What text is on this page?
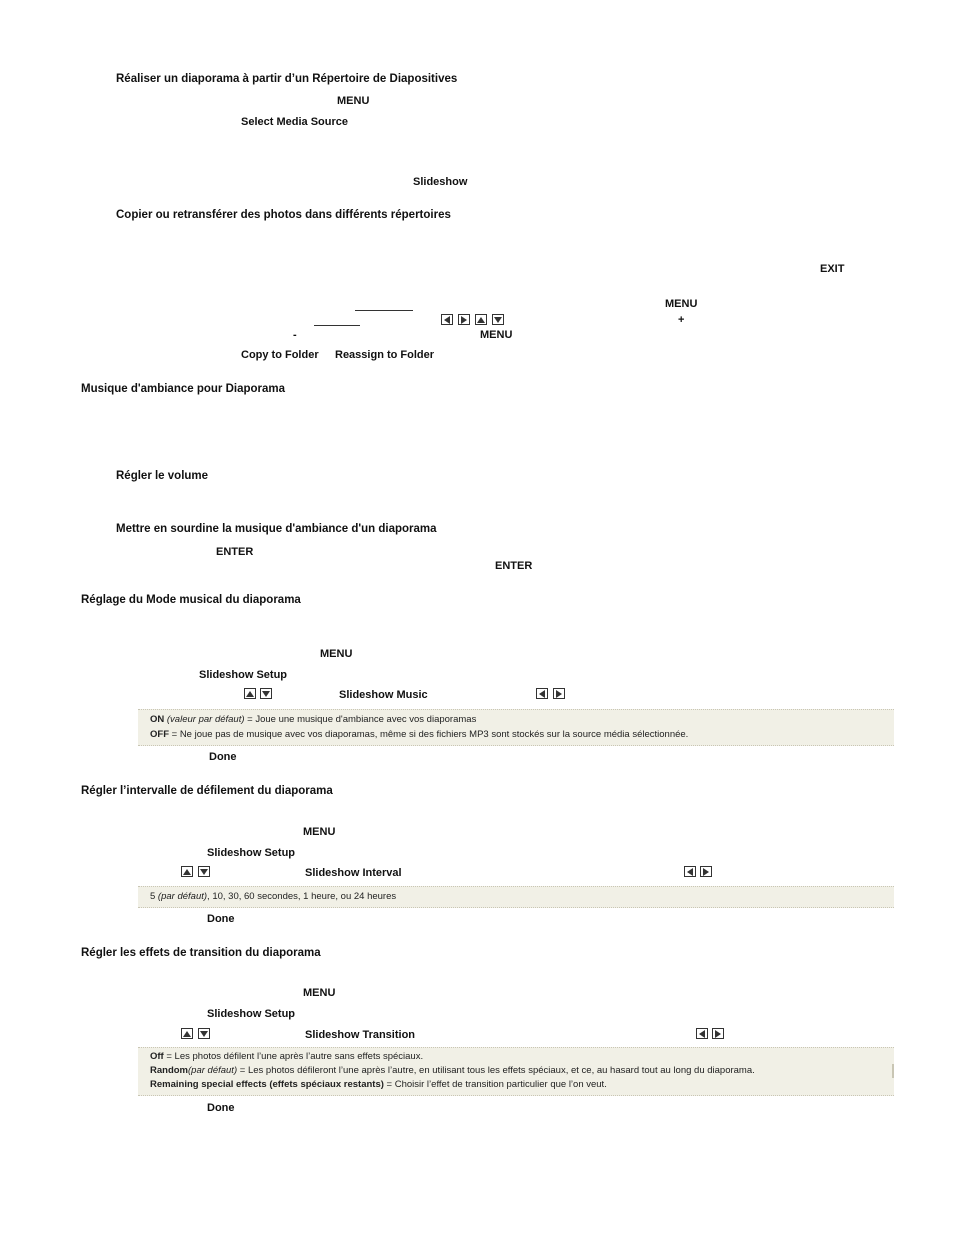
Réaliser un diaporama à partir d’un Répertoire de Diapositives
MENU
Select Media Source
Slideshow
Copier ou retransférer des photos dans différents répertoires
EXIT
MENU
+
-	MENU
Copy to Folder Reassign to Folder
Musique d'ambiance pour Diaporama
Régler le volume
Mettre en sourdine la musique d'ambiance d'un diaporama
ENTER
ENTER
Réglage du Mode musical du diaporama
MENU
Slideshow Setup
Slideshow Music
ON (valeur par défaut) = Joue une musique d'ambiance avec vos diaporamas
OFF = Ne joue pas de musique avec vos diaporamas, même si des fichiers MP3 sont stockés sur la source média sélectionnée.
Done
Régler l’intervalle de défilement du diaporama
MENU
Slideshow Setup
Slideshow Interval
5 (par défaut), 10, 30, 60 secondes, 1 heure, ou 24 heures
Done
Régler les effets de transition du diaporama
MENU
Slideshow Setup
Slideshow Transition
Off = Les photos défilent l’une après l’autre sans effets spéciaux.
Random(par défaut) = Les photos défileront l’une après l’autre, en utilisant tous les effets spéciaux, et ce, au hasard tout au long du diaporama.
Remaining special effects (effets spéciaux restants) = Choisir l’effet de transition particulier que l’on veut.
Done
